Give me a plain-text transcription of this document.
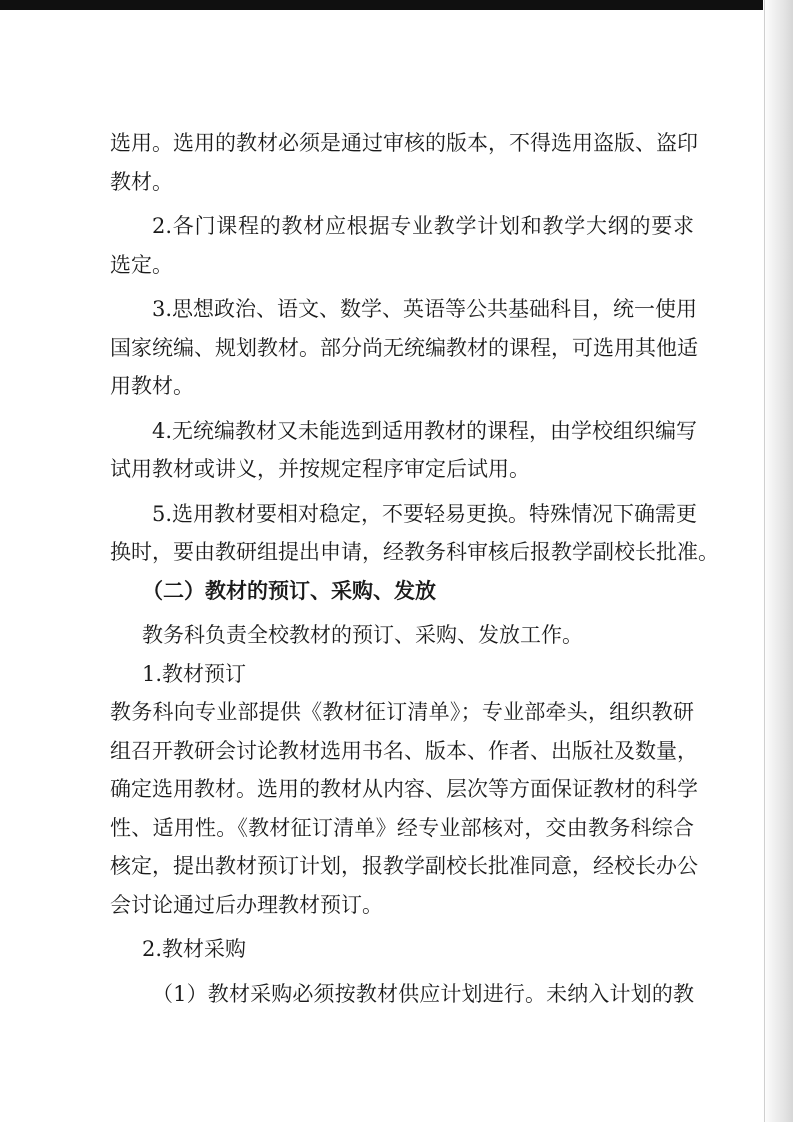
选用。选用的教材必须是通过审核的版本，不得选用盗版、盗印
教材。
2.各门课程的教材应根据专业教学计划和教学大纲的要求
选定。
3.思想政治、语文、数学、英语等公共基础科目，统一使用
国家统编、规划教材。部分尚无统编教材的课程，可选用其他适
用教材。
4.无统编教材又未能选到适用教材的课程，由学校组织编写
试用教材或讲义，并按规定程序审定后试用。
5.选用教材要相对稳定，不要轻易更换。特殊情况下确需更
换时，要由教研组提出申请，经教务科审核后报教学副校长批准。
（二）教材的预订、采购、发放
教务科负责全校教材的预订、采购、发放工作。
1.教材预订
教务科向专业部提供《教材征订清单》；专业部牵头，组织教研
组召开教研会讨论教材选用书名、版本、作者、出版社及数量，
确定选用教材。选用的教材从内容、层次等方面保证教材的科学
性、适用性。《教材征订清单》经专业部核对，交由教务科综合
核定，提出教材预订计划，报教学副校长批准同意，经校长办公
会讨论通过后办理教材预订。
2.教材采购
（1）教材采购必须按教材供应计划进行。未纳入计划的教
